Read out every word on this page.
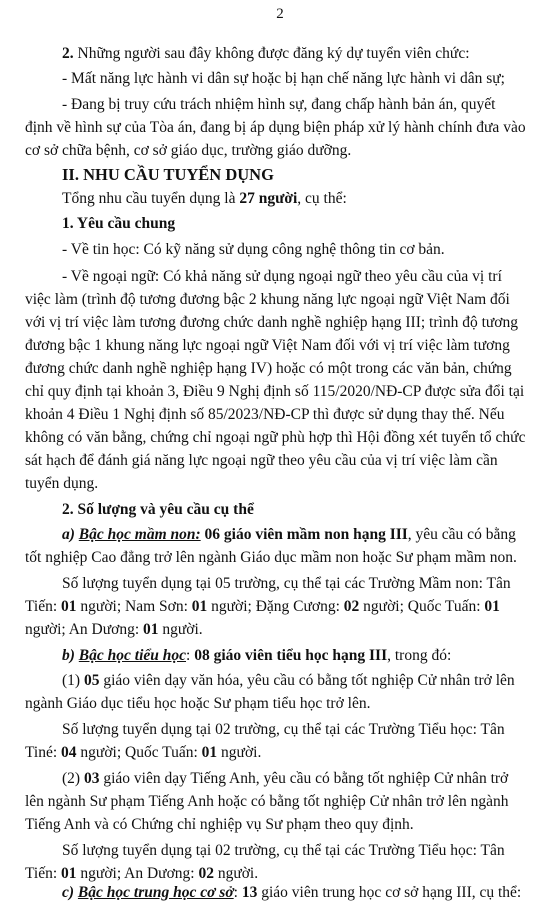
2
2. Những người sau đây không được đăng ký dự tuyển viên chức:
- Mất năng lực hành vi dân sự hoặc bị hạn chế năng lực hành vi dân sự;
- Đang bị truy cứu trách nhiệm hình sự, đang chấp hành bản án, quyết
định về hình sự của Tòa án, đang bị áp dụng biện pháp xử lý hành chính đưa vào
cơ sở chữa bệnh, cơ sở giáo dục, trường giáo dưỡng.
II. NHU CẦU TUYỂN DỤNG
Tổng nhu cầu tuyển dụng là 27 người, cụ thể:
1. Yêu cầu chung
- Về tin học: Có kỹ năng sử dụng công nghệ thông tin cơ bản.
- Về ngoại ngữ: Có khả năng sử dụng ngoại ngữ theo yêu cầu của vị trí
việc làm (trình độ tương đương bậc 2 khung năng lực ngoại ngữ Việt Nam đối
với vị trí việc làm tương đương chức danh nghề nghiệp hạng III; trình độ tương
đương bậc 1 khung năng lực ngoại ngữ Việt Nam đối với vị trí việc làm tương
đương chức danh nghề nghiệp hạng IV) hoặc có một trong các văn bản, chứng
chỉ quy định tại khoản 3, Điều 9 Nghị định số 115/2020/NĐ-CP được sửa đổi tại
khoản 4 Điều 1 Nghị định số 85/2023/NĐ-CP thì được sử dụng thay thế. Nếu
không có văn bằng, chứng chỉ ngoại ngữ phù hợp thì Hội đồng xét tuyển tổ chức
sát hạch để đánh giá năng lực ngoại ngữ theo yêu cầu của vị trí việc làm cần
tuyển dụng.
2. Số lượng và yêu cầu cụ thể
a) Bậc học mầm non: 06 giáo viên mầm non hạng III, yêu cầu có bằng
tốt nghiệp Cao đẳng trở lên ngành Giáo dục mầm non hoặc Sư phạm mầm non.
Số lượng tuyển dụng tại 05 trường, cụ thể tại các Trường Mầm non: Tân
Tiến: 01 người; Nam Sơn: 01 người; Đặng Cương: 02 người; Quốc Tuấn: 01
người; An Dương: 01 người.
b) Bậc học tiểu học: 08 giáo viên tiểu học hạng III, trong đó:
(1) 05 giáo viên dạy văn hóa, yêu cầu có bằng tốt nghiệp Cử nhân trở lên
ngành Giáo dục tiểu học hoặc Sư phạm tiểu học trở lên.
Số lượng tuyển dụng tại 02 trường, cụ thể tại các Trường Tiểu học: Tân
Tiné: 04 người; Quốc Tuấn: 01 người.
(2) 03 giáo viên dạy Tiếng Anh, yêu cầu có bằng tốt nghiệp Cử nhân trở
lên ngành Sư phạm Tiếng Anh hoặc có bằng tốt nghiệp Cử nhân trở lên ngành
Tiếng Anh và có Chứng chỉ nghiệp vụ Sư phạm theo quy định.
Số lượng tuyển dụng tại 02 trường, cụ thể tại các Trường Tiểu học: Tân
Tiến: 01 người; An Dương: 02 người.
c) Bậc học trung học cơ sở: 13 giáo viên trung học cơ sở hạng III, cụ thể:
